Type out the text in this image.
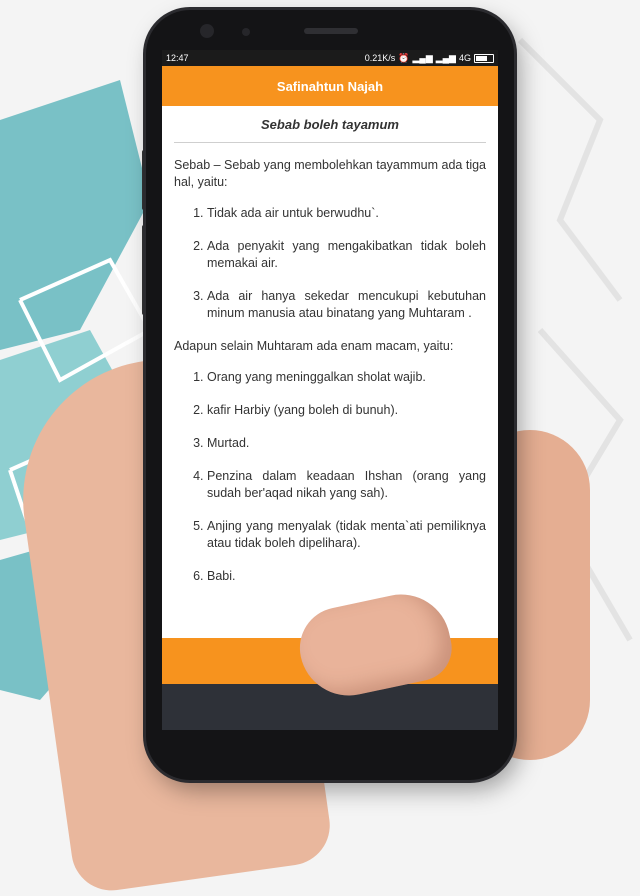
12:47	0.21K/s ⏰ ▂▄▆ ▂▄▆ 4G
Safinahtun Najah
Sebab boleh tayamum

Sebab – Sebab yang membolehkan tayammum ada tiga hal, yaitu:

1. Tidak ada air untuk berwudhu`.
2. Ada penyakit yang mengakibatkan tidak boleh memakai air.
3. Ada air hanya sekedar mencukupi kebutuhan minum manusia atau binatang yang Muhtaram .

Adapun selain Muhtaram ada enam macam, yaitu:

1. Orang yang meninggalkan sholat wajib.
2. kafir Harbiy (yang boleh di bunuh).
3. Murtad.
4. Penzina dalam keadaan Ihshan (orang yang sudah ber'aqad nikah yang sah).
5. Anjing yang menyalak (tidak menta`ati pemiliknya atau tidak boleh dipelihara).
6. Babi.
